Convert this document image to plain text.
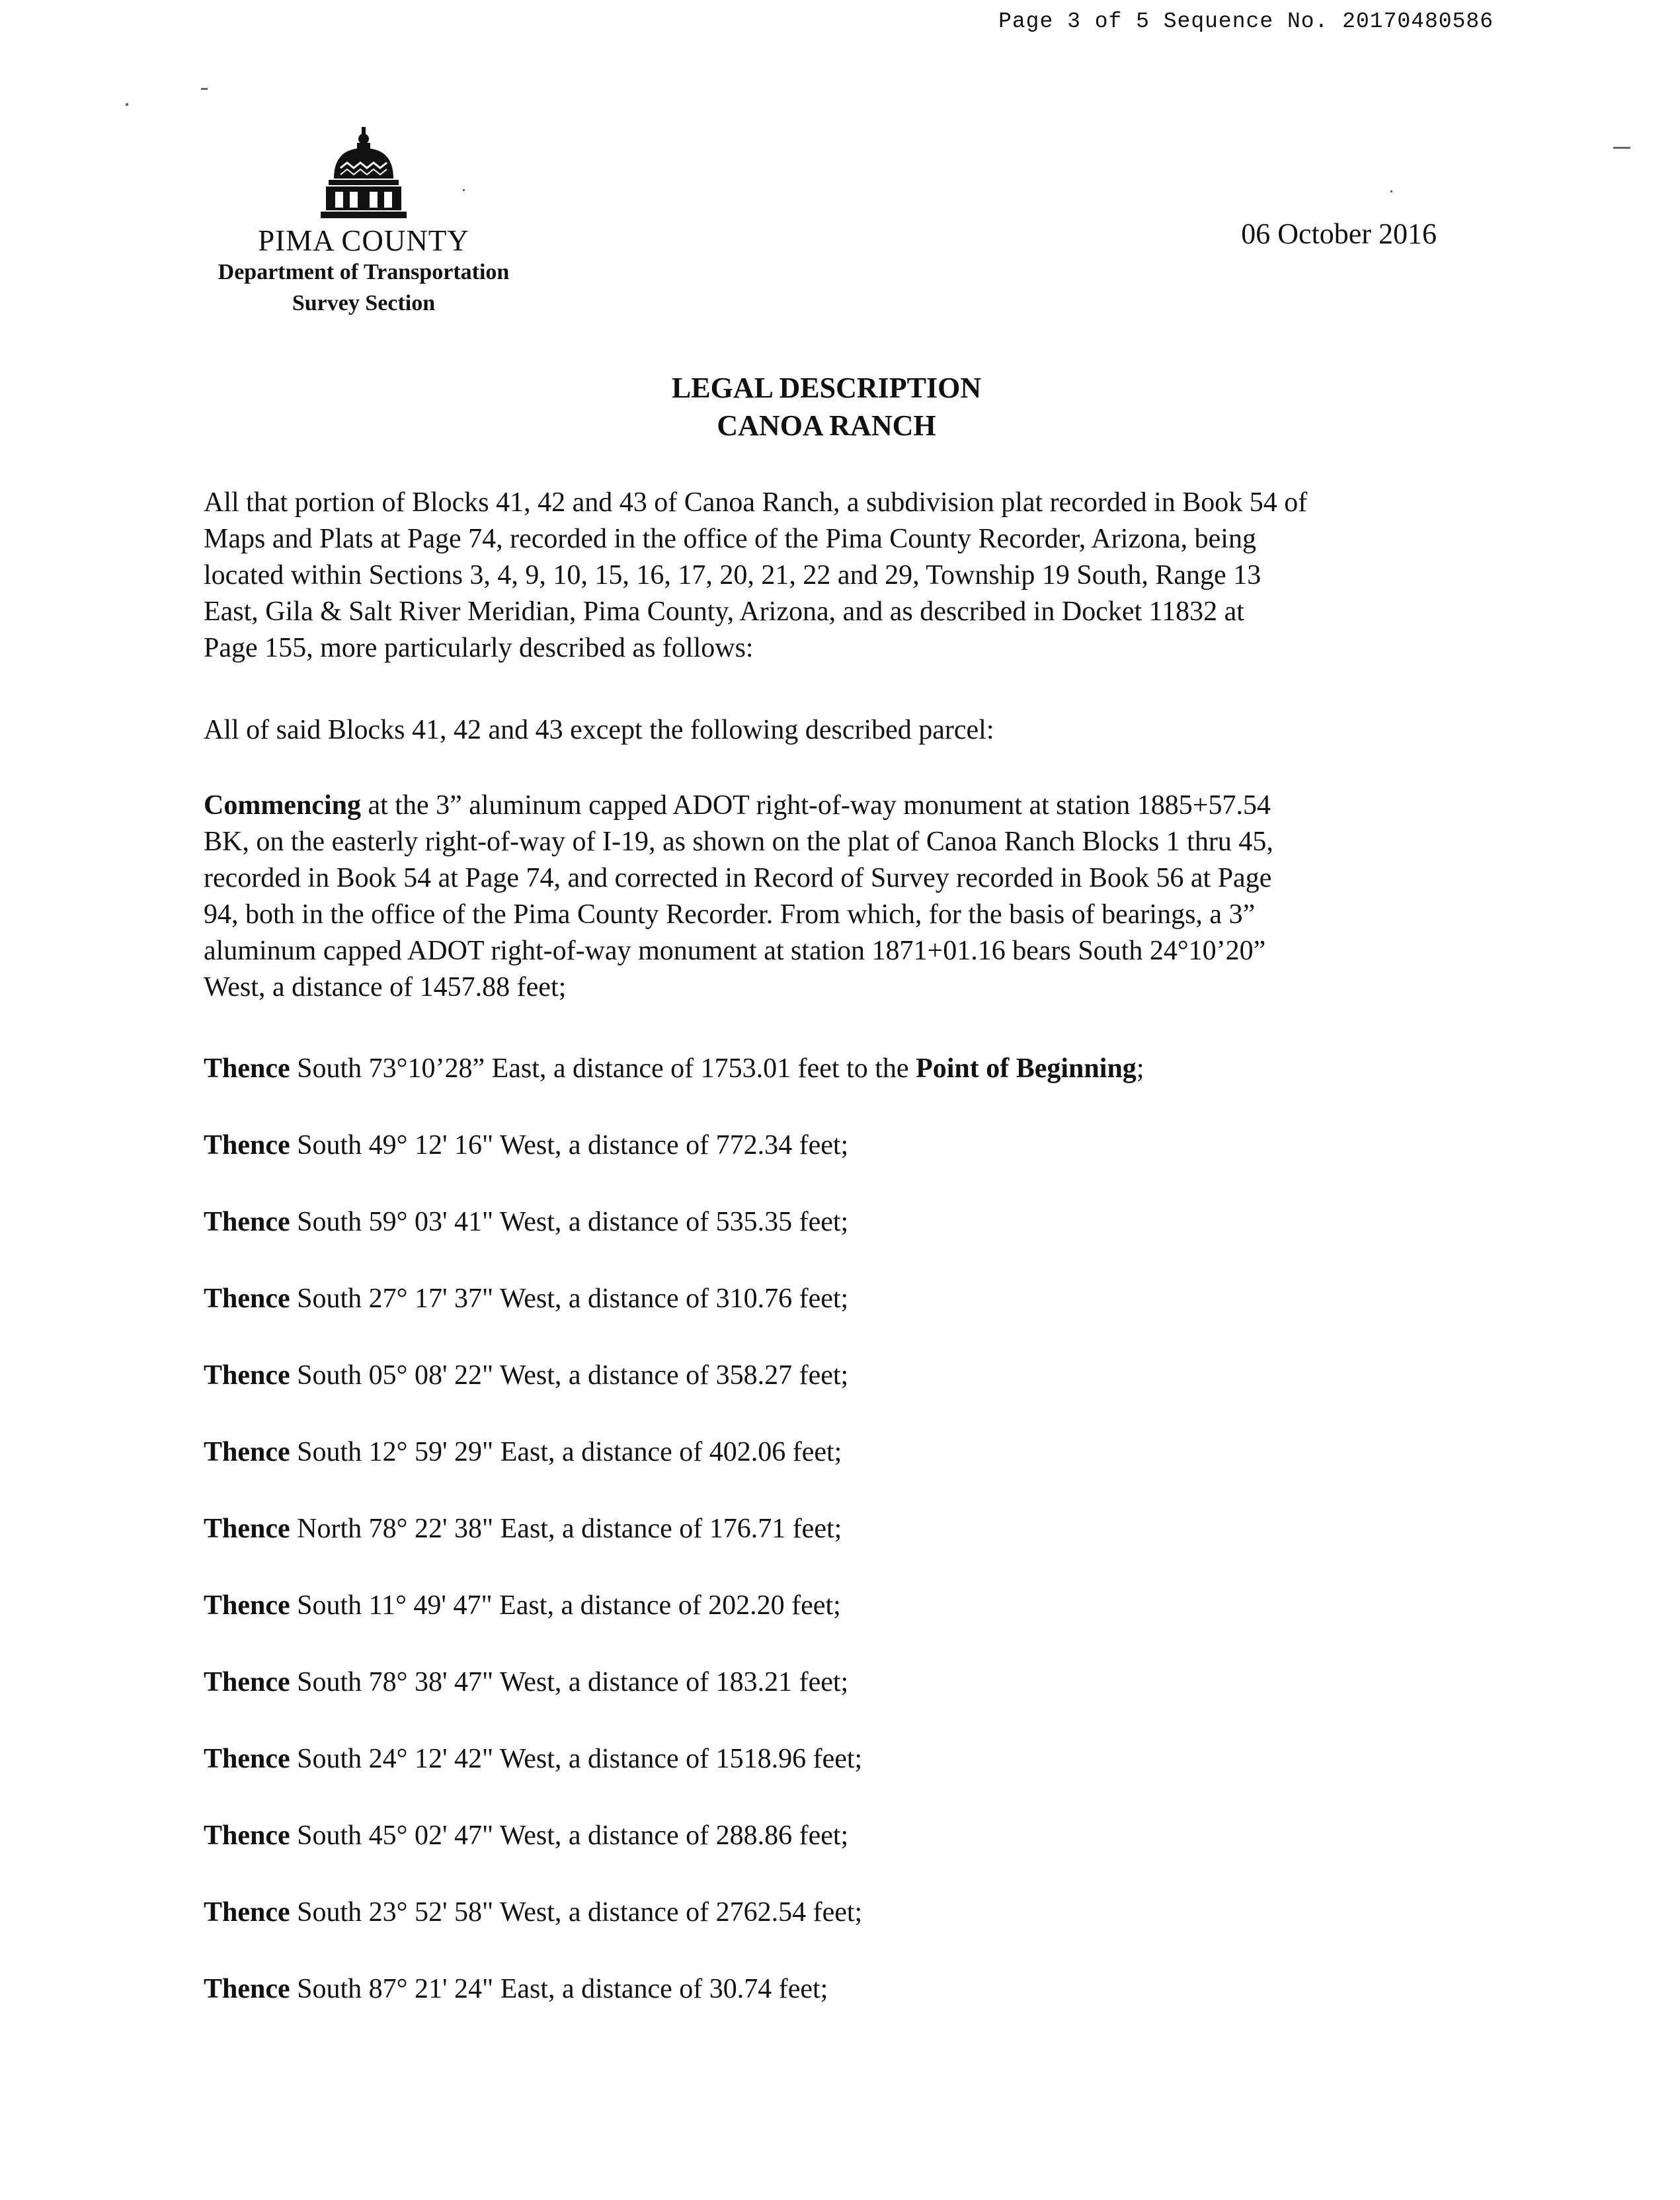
Page 3 of 5 Sequence No. 20170480586
PIMA COUNTY
Department of Transportation
Survey Section
06 October 2016
LEGAL DESCRIPTION
CANOA RANCH

All that portion of Blocks 41, 42 and 43 of Canoa Ranch, a subdivision plat recorded in Book 54 of

Maps and Plats at Page 74, recorded in the office of the Pima County Recorder, Arizona, being

located within Sections 3, 4, 9, 10, 15, 16, 17, 20, 21, 22 and 29, Township 19 South, Range 13

East, Gila & Salt River Meridian, Pima County, Arizona, and as described in Docket 11832 at

Page 155, more particularly described as follows:

All of said Blocks 41, 42 and 43 except the following described parcel:

Commencing at the 3” aluminum capped ADOT right-of-way monument at station 1885+57.54

BK, on the easterly right-of-way of I-19, as shown on the plat of Canoa Ranch Blocks 1 thru 45,

recorded in Book 54 at Page 74, and corrected in Record of Survey recorded in Book 56 at Page

94, both in the office of the Pima County Recorder. From which, for the basis of bearings, a 3”

aluminum capped ADOT right-of-way monument at station 1871+01.16 bears South 24°10’20”

West, a distance of 1457.88 feet;

Thence South 73°10’28” East, a distance of 1753.01 feet to the Point of Beginning;
Thence South 49° 12' 16" West, a distance of 772.34 feet;
Thence South 59° 03' 41" West, a distance of 535.35 feet;
Thence South 27° 17' 37" West, a distance of 310.76 feet;
Thence South 05° 08' 22" West, a distance of 358.27 feet;
Thence South 12° 59' 29" East, a distance of 402.06 feet;
Thence North 78° 22' 38" East, a distance of 176.71 feet;
Thence South 11° 49' 47" East, a distance of 202.20 feet;
Thence South 78° 38' 47" West, a distance of 183.21 feet;
Thence South 24° 12' 42" West, a distance of 1518.96 feet;
Thence South 45° 02' 47" West, a distance of 288.86 feet;
Thence South 23° 52' 58" West, a distance of 2762.54 feet;
Thence South 87° 21' 24" East, a distance of 30.74 feet;
